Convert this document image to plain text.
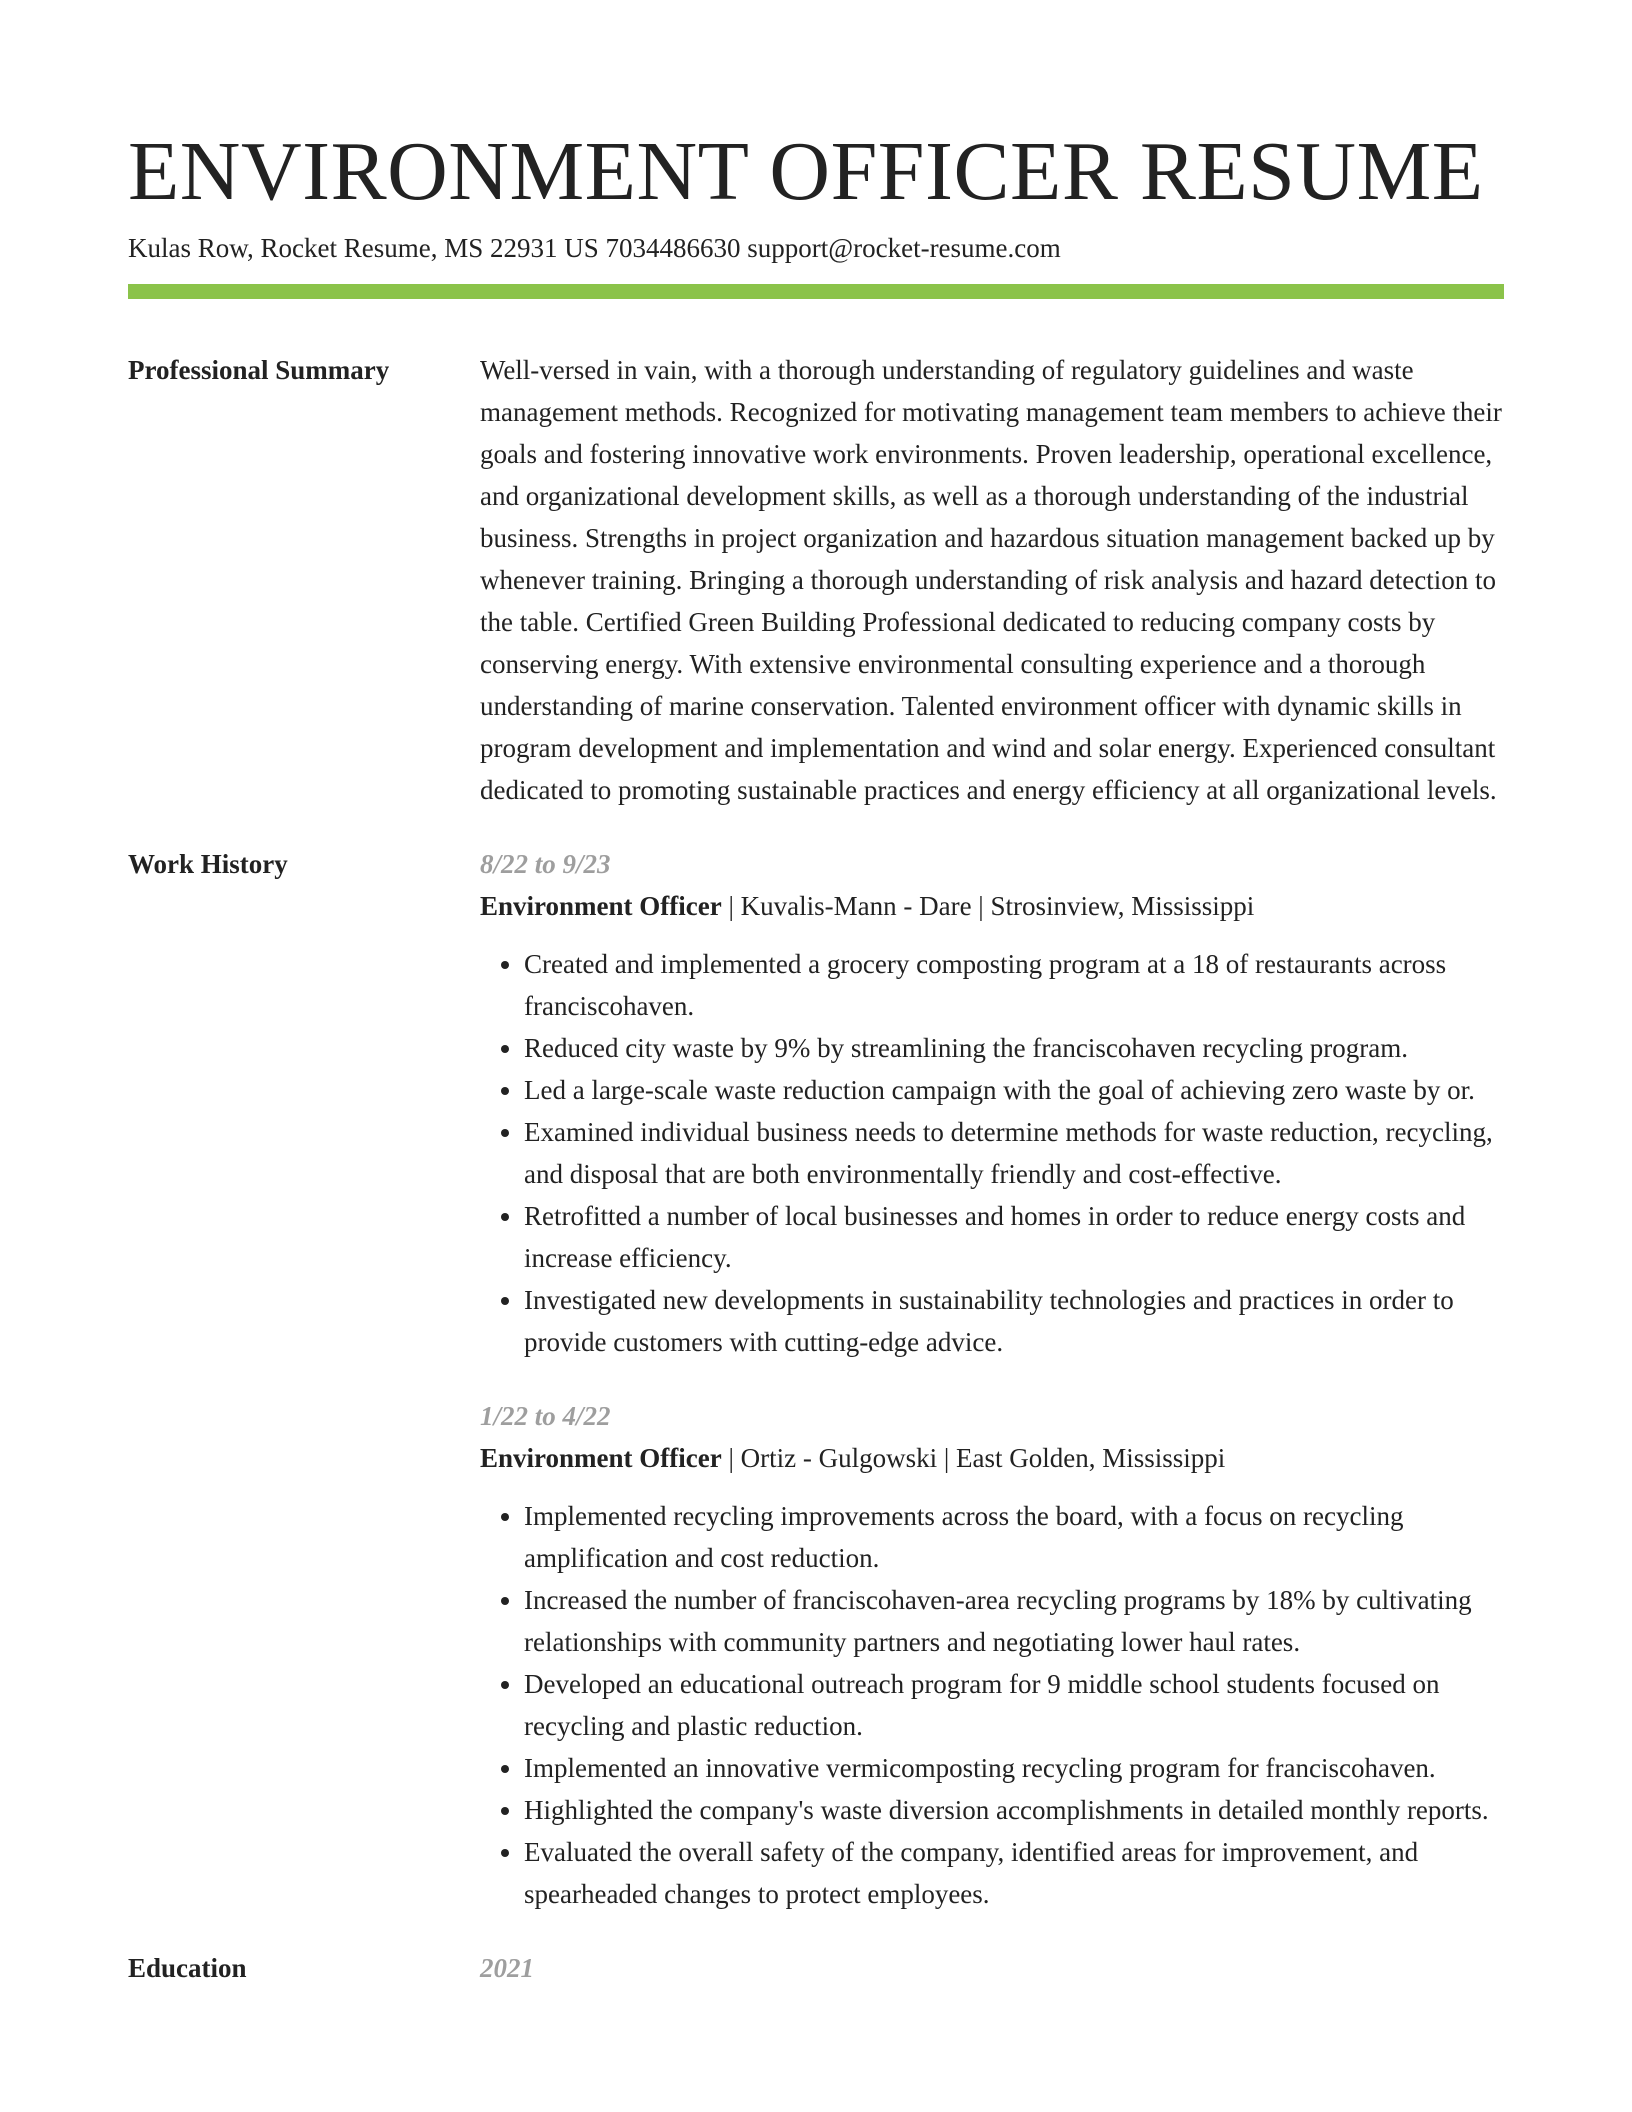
ENVIRONMENT OFFICER RESUME
Kulas Row, Rocket Resume, MS 22931 US 7034486630 support@rocket-resume.com
Professional Summary	Well-versed in vain, with a thorough understanding of regulatory guidelines and waste management methods. Recognized for motivating management team members to achieve their goals and fostering innovative work environments. Proven leadership, operational excellence, and organizational development skills, as well as a thorough understanding of the industrial business. Strengths in project organization and hazardous situation management backed up by whenever training. Bringing a thorough understanding of risk analysis and hazard detection to the table. Certified Green Building Professional dedicated to reducing company costs by conserving energy. With extensive environmental consulting experience and a thorough understanding of marine conservation. Talented environment officer with dynamic skills in program development and implementation and wind and solar energy. Experienced consultant dedicated to promoting sustainable practices and energy efficiency at all organizational levels.
Work History	8/22 to 9/23
Environment Officer | Kuvalis-Mann - Dare | Strosinview, Mississippi
• Created and implemented a grocery composting program at a 18 of restaurants across franciscohaven.
• Reduced city waste by 9% by streamlining the franciscohaven recycling program.
• Led a large-scale waste reduction campaign with the goal of achieving zero waste by or.
• Examined individual business needs to determine methods for waste reduction, recycling, and disposal that are both environmentally friendly and cost-effective.
• Retrofitted a number of local businesses and homes in order to reduce energy costs and increase efficiency.
• Investigated new developments in sustainability technologies and practices in order to provide customers with cutting-edge advice.
1/22 to 4/22
Environment Officer | Ortiz - Gulgowski | East Golden, Mississippi
• Implemented recycling improvements across the board, with a focus on recycling amplification and cost reduction.
• Increased the number of franciscohaven-area recycling programs by 18% by cultivating relationships with community partners and negotiating lower haul rates.
• Developed an educational outreach program for 9 middle school students focused on recycling and plastic reduction.
• Implemented an innovative vermicomposting recycling program for franciscohaven.
• Highlighted the company's waste diversion accomplishments in detailed monthly reports.
• Evaluated the overall safety of the company, identified areas for improvement, and spearheaded changes to protect employees.
Education	2021
